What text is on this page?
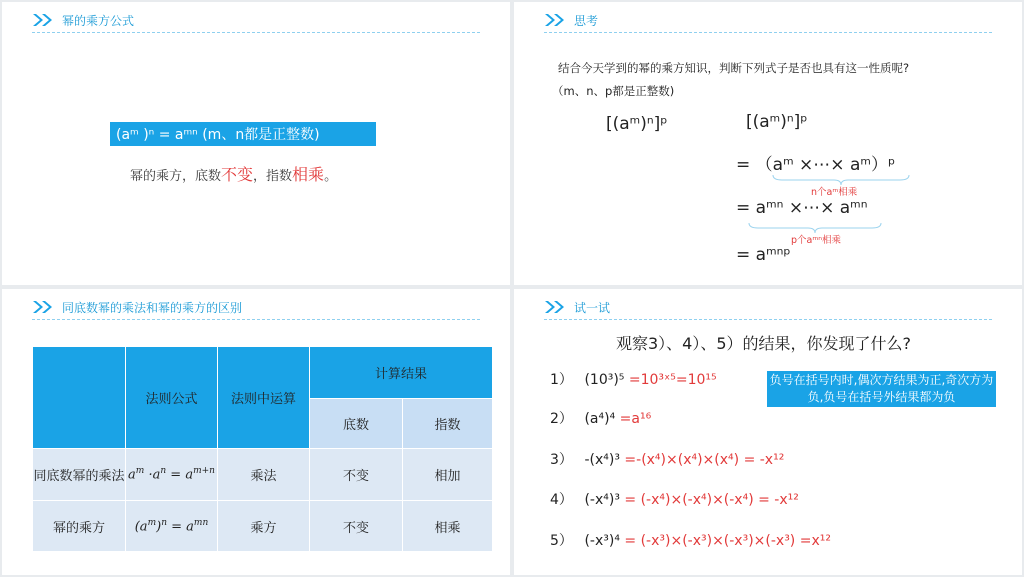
幂的乘方公式
(aᵐ )ⁿ = aᵐⁿ (m、n都是正整数)
幂的乘方，底数不变，指数相乘。
思考
结合今天学到的幂的乘方知识，判断下列式子是否也具有这一性质呢?
（m、n、p都是正整数)
[(aᵐ)ⁿ]ᵖ	[(aᵐ)ⁿ]ᵖ
= （aᵐ ×⋯× aᵐ）ᵖ
n个aᵐ相乘
= aᵐⁿ ×⋯× aᵐⁿ
p个aᵐⁿ相乘
= aᵐⁿᵖ
同底数幂的乘法和幂的乘方的区别
	法则公式	法则中运算	计算结果	
			底数	指数
同底数幂的乘法	$a^m \cdot a^n = a^{m+n}$	乘法	不变	相加
幂的乘方	$(a^m)^n = a^{mn}$	乘方	不变	相乘
试一试
观察3）、4）、5）的结果，你发现了什么?
负号在括号内时,偶次方结果为正,奇次方为负,负号在括号外结果都为负
1） (10³)⁵ =10³ˣ⁵=10¹⁵
2） (a⁴)⁴ =a¹⁶
3） -(x⁴)³ =-(x⁴)×(x⁴)×(x⁴) = -x¹²
4） (-x⁴)³ = (-x⁴)×(-x⁴)×(-x⁴) = -x¹²
5） (-x³)⁴ = (-x³)×(-x³)×(-x³)×(-x³) =x¹²
